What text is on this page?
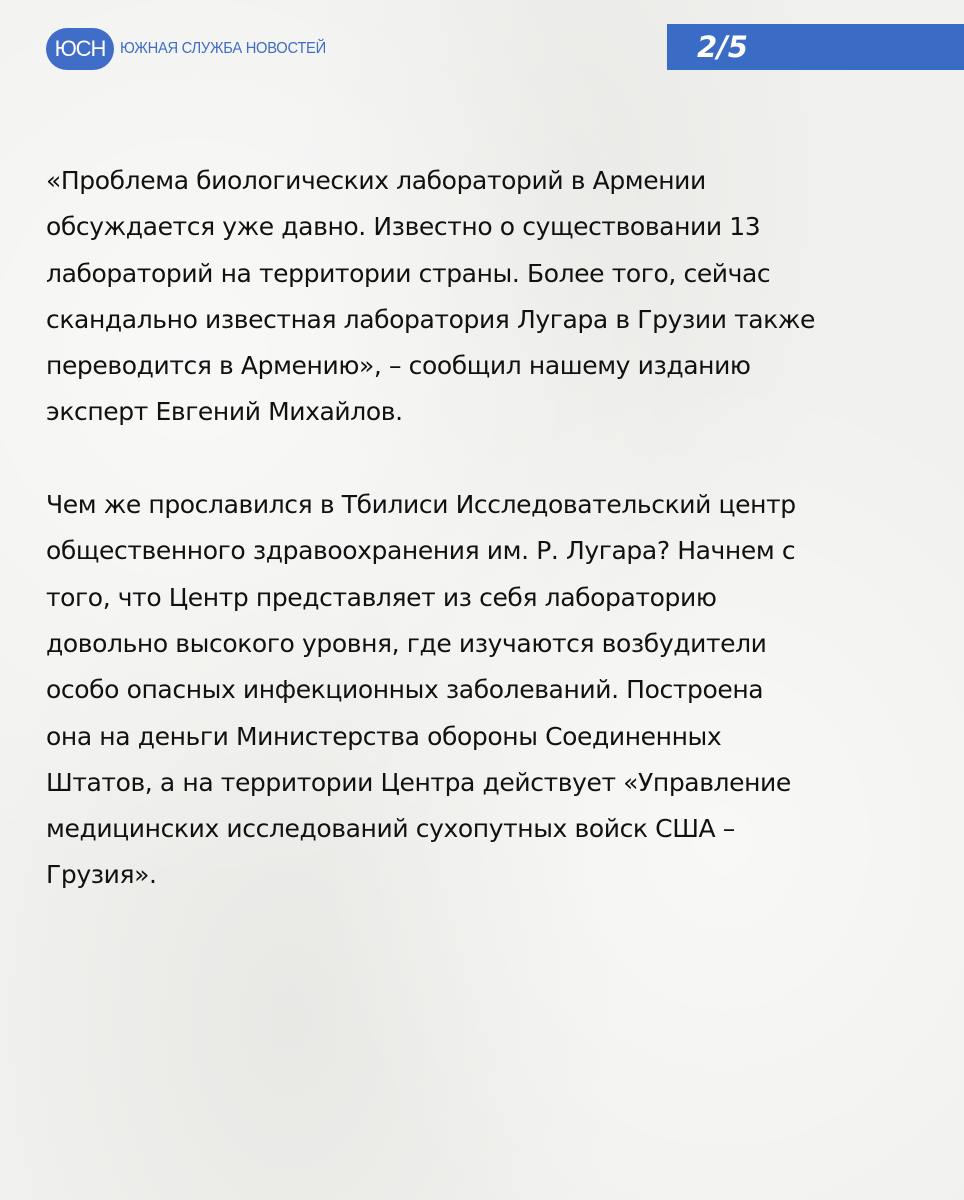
ЮСН ЮЖНАЯ СЛУЖБА НОВОСТЕЙ	2/5

«Проблема биологических лабораторий в Армении
обсуждается уже давно. Известно о существовании 13
лабораторий на территории страны. Более того, сейчас
скандально известная лаборатория Лугара в Грузии также
переводится в Армению», – сообщил нашему изданию
эксперт Евгений Михайлов.

Чем же прославился в Тбилиси Исследовательский центр
общественного здравоохранения им. Р. Лугара? Начнем с
того, что Центр представляет из себя лабораторию
довольно высокого уровня, где изучаются возбудители
особо опасных инфекционных заболеваний. Построена
она на деньги Министерства обороны Соединенных
Штатов, а на территории Центра действует «Управление
медицинских исследований сухопутных войск США –
Грузия».
